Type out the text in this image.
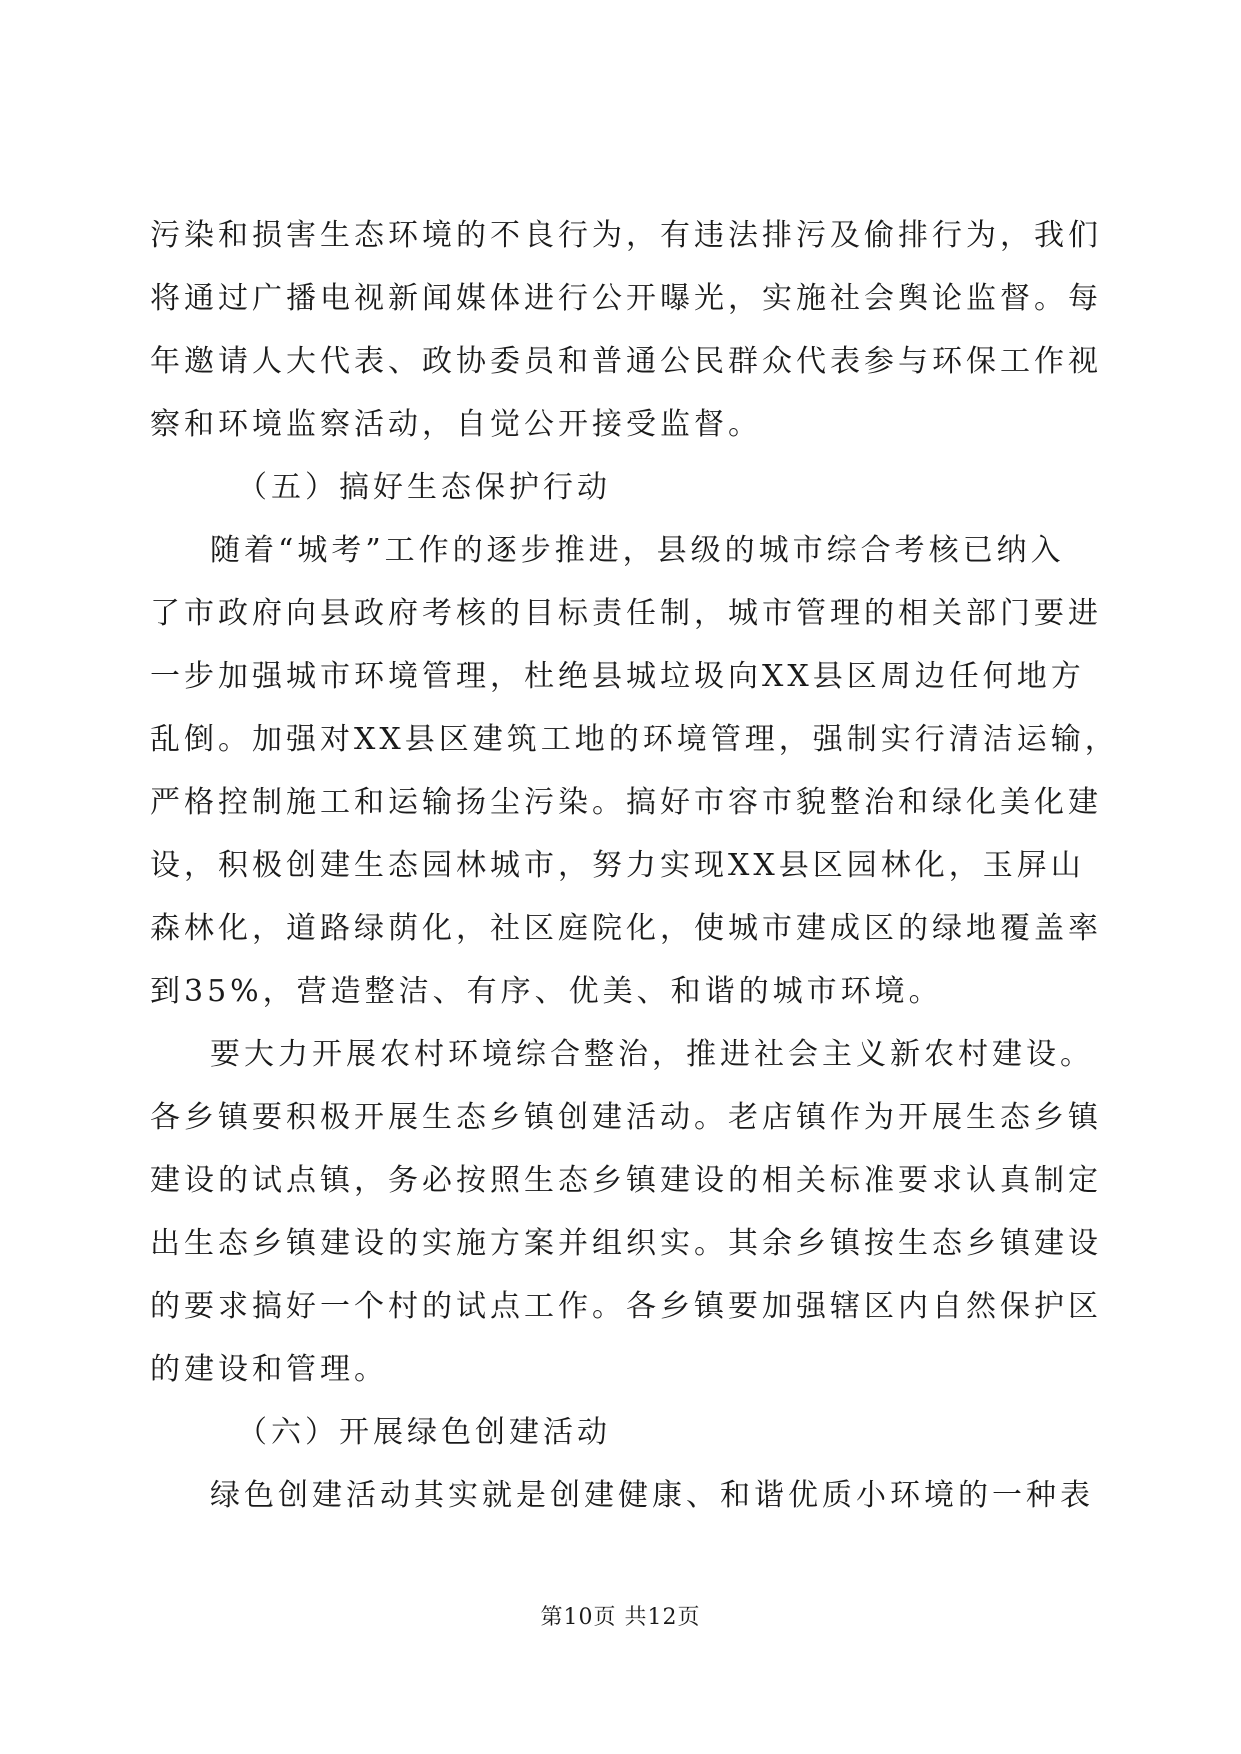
污染和损害生态环境的不良行为，有违法排污及偷排行为，我们
将通过广播电视新闻媒体进行公开曝光，实施社会舆论监督。每
年邀请人大代表、政协委员和普通公民群众代表参与环保工作视
察和环境监察活动，自觉公开接受监督。
（五）搞好生态保护行动
随着“城考”工作的逐步推进，县级的城市综合考核已纳入
了市政府向县政府考核的目标责任制，城市管理的相关部门要进
一步加强城市环境管理，杜绝县城垃圾向XX县区周边任何地方
乱倒。加强对XX县区建筑工地的环境管理，强制实行清洁运输，
严格控制施工和运输扬尘污染。搞好市容市貌整治和绿化美化建
设，积极创建生态园林城市，努力实现XX县区园林化，玉屏山
森林化，道路绿荫化，社区庭院化，使城市建成区的绿地覆盖率
到35%，营造整洁、有序、优美、和谐的城市环境。
要大力开展农村环境综合整治，推进社会主义新农村建设。
各乡镇要积极开展生态乡镇创建活动。老店镇作为开展生态乡镇
建设的试点镇，务必按照生态乡镇建设的相关标准要求认真制定
出生态乡镇建设的实施方案并组织实。其余乡镇按生态乡镇建设
的要求搞好一个村的试点工作。各乡镇要加强辖区内自然保护区
的建设和管理。
（六）开展绿色创建活动
绿色创建活动其实就是创建健康、和谐优质小环境的一种表
第10页 共12页
